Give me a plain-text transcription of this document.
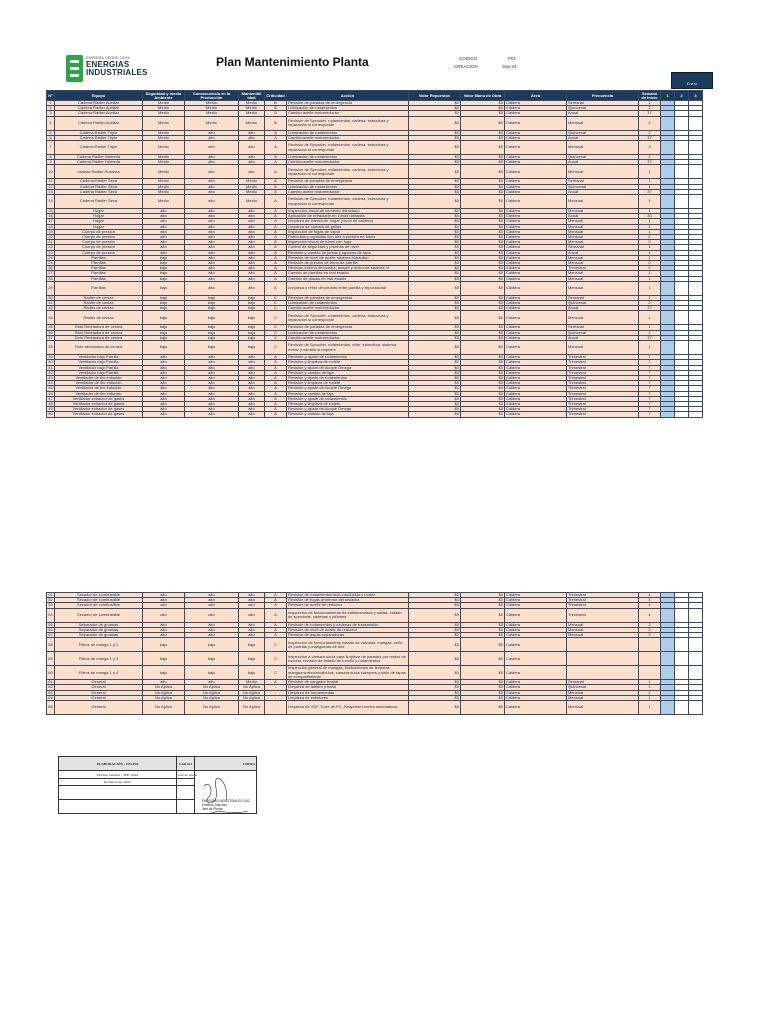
ENERGÍA VERDE 100%
ENERGIAS
INDUSTRIALES
Plan Mantenimiento Planta	CODIGO	P01
CREACION	Sep-24
Enero
N°	Equipo	Seguridad y medio Ambiente	Consecuencia en la Producción	Mantenibil idad	Criticidad	Acción	Valor Repuestos	Valor Mano de Obra	Área	Frecuencia	Semana de Inicio	1	2	3
1	Cadena Radler Auxiliar	Medio	Medio	Medio	B	Revisión de paradas de emergencia	$0	$0	Caldera	Semanal	1			
2	Cadena Radler Auxiliar	Medio	Medio	Medio	B	Lubricación de rodamientos	$0	$0	Caldera	Quincenal	2			
3	Cadena Radler Auxiliar	Medio	Medio	Medio	B	Cambio aceite motorreductor	$0	$0	Caldera	Anual	37			
4	Cadena Radler Auxiliar	Medio	Medio	Medio	B	Revisión de Sprocket, rodamientos, cadena, estructura y reparación si corresponde	$0	$0	Caldera	Mensual	2			
5	Cadena Radler Triple	Medio	alto	alto	A	Lubricación de rodamientos	$0	$0	Caldera	Quincenal	2			
6	Cadena Radler Triple	Medio	alto	alto	A	Cambio aceite motorreductor	$0	$0	Caldera	Anual	37			
7	Cadena Radler Triple	Medio	alto	alto	A	Revisión de Sprocket, rodamientos, cadena, estructura y reparación si corresponde	$0	$0	Caldera	Mensual	3			
8	Cadena Radler Humeda	Medio	alto	alto	A	Lubricación de rodamientos	$0	$0	Caldera	Quincenal	1			
9	Cadena Radler Humeda	Medio	alto	alto	A	Cambio aceite motorreductor	$0	$0	Caldera	Anual	37			
10	cadena Radler Humeda	Medio	alto	alto	A	Revisión de Sprocket, rodamientos, cadena, estructura y reparación si corresponde	$0	$0	Caldera	Mensual	1			
11	Cadena Radler Seca	Medio	alto	Medio	A	Revisión de paradas de emergencia	$0	$0	Caldera	Semanal	1			
12	Cadena Radler Seca	Medio	alto	Medio	A	Lubricación de rodamientos	$0	$0	Caldera	Quincenal	1			
13	Cadena Radler Seca	Medio	alto	Medio	A	Cambio aceite motorreductor	$0	$0	Caldera	Anual	37			
14	Cadena Radler Seca	Medio	alto	Medio	A	Revisión de Sprocket, rodamientos, cadena, estructura y reparación si corresponde	$0	$0	Caldera	Mensual	1			
15	Hogar	alto	alto	alto	A	Inspección visual de cemento refractario	$0	$0	Caldera	Mensual	1			
16	Hogar	alto	alto	alto	A	Aplicación de refractario en zonas dañadas	$0	$0	Caldera	Anual	30			
17	Hogar	alto	alto	alto	A	Limpieza de interior de hogar (vacío de caldera)	$0	$0	Caldera	Mensual	1			
18	Hogar	alto	alto	alto	A	Limpieza de cámara de grillas	$0	$0	Caldera	Mensual	1			
19	Cuerpo de presión	alto	alto	alto	A	Inspección de fugas de vapor	$0	$0	Caldera	Mensual	1			
20	Cuerpo de presión	alto	alto	alto	A	Partículas y sopladas con aire a presión en tubos	$0	$0	Caldera	Mensual	2			
21	Cuerpo de presión	alto	alto	alto	A	Inspección visual de tubos con fuga	$0	$0	Caldera	Mensual	2			
22	Cuerpo de presión	alto	alto	alto	A	Control de seguridad y pruebas de nivel	$0	$0	Caldera	Semanal	1			
23	Cuerpo de presión	alto	alto	alto	A	Revisión y cambio de juntas y tapones de tapa	$0	$0	Caldera	Anual	4			
24	Parrillas	bajo	alto	alto	A	Revisión de nivel de aceite sistema hidráulico	$0	$0	Caldera	Mensual	1			
25	Parrillas	bajo	alto	alto	A	Revisión de presión de freno de parrilla	$0	$0	Caldera	Mensual	2			
26	Parrillas	bajo	alto	alto	A	Revisión interna de bomba, acople y motor de sistema hi	$0	$0	Caldera	Trimestral	1			
27	Parrillas	bajo	alto	alto	A	Cambio de parrillas en mal estado	$0	$0	Caldera	Mensual	1			
28	Parrillas	bajo	alto	alto	A	Cambio de placas en mal estado	$0	$0	Caldera	Mensual	1			
29	Parrillas	bajo	alto	alto	A	Limpieza y retiro de piedras entre parrilla y reposicionar	$0	$0	Caldera	Mensual	1			
30	Radler de ceniza	bajo	bajo	bajo	C	Revisión de paradas de emergencia	$0	$0	Caldera	Semanal	1			
31	Radler de ceniza	bajo	bajo	bajo	C	Lubricación de rodamientos	$0	$0	Caldera	Quincenal	2			
32	Radler de ceniza	bajo	bajo	bajo	C	Cambio aceite motorreductor	$0	$0	Caldera	Anual	37			
34	Radler de ceniza	bajo	bajo	bajo	C	Revisión de Sprocket, rodamientos, cadena, estructura y reparación si corresponde	$0	$0	Caldera	Mensual	1			
35	Dsto Rmetadora de ceniza	bajo	bajo	bajo	C	Revisión de paradas de emergencia	$0	$0	Caldera	Semanal	1			
36	Dsto Rmetadora de ceniza	bajo	bajo	bajo	C	Lubricación de rodamientos	$0	$0	Caldera	Quincenal	1			
37	Dsto Rmetadora de ceniza	bajo	bajo	bajo	C	Cambio aceite motorreductor	$0	$0	Caldera	Anual	37			
38	Dsto abodadora de ceniza	bajo	bajo	bajo	C	Revisión de Sprocket, rodamientos, cilits, estructura, sistema motriz y cambio si requiere	$0	$0	Caldera	Mensual	1			
39	Ventilador bajo Parrilla	alto	alto	alto	A	Revisión y ajuste de rodamientos	$0	$0	Caldera	Trimestral	7			
40	Ventilador bajo Parrilla	alto	alto	alto	A	Revisión y limpieza de rodete	$0	$0	Caldera	Trimestral	7			
41	Ventilador bajo Parrilla	alto	alto	alto	A	Revisión y ajuste de Acople Omega	$0	$0	Caldera	Trimestral	7			
42	Ventilador bajo Parrilla	alto	alto	alto	A	Revisión y cambio de faja	$0	$0	Caldera	Trimestral	7			
43	Ventilador de tiro inducido	alto	alto	alto	A	Revisión y ajuste de rodamientos	$0	$0	Caldera	Trimestral	7			
44	Ventilador de tiro inducido	alto	alto	alto	A	Revisión y limpieza de rodete	$0	$0	Caldera	Trimestral	7			
45	Ventilador de tiro inducido	alto	alto	alto	A	Revisión y ajuste de Acople Omega	$0	$0	Caldera	Trimestral	7			
46	Ventilador de tiro inducido	alto	alto	alto	A	Revisión y cambio de faja	$0	$0	Caldera	Trimestral	7			
47	Ventilador extractor de gases	alto	alto	alto	A	Revisión y ajuste de rodamientos	$0	$0	Caldera	Trimestral	7			
48	Ventilador extractor de gases	alto	alto	alto	A	Revisión y limpieza de rodete	$0	$0	Caldera	Trimestral	7			
49	Ventilador extractor de gases	alto	alto	alto	A	Revisión y ajuste de Acople Omega	$0	$0	Caldera	Trimestral	7			
50	Ventilador extractor de gases	alto	alto	alto	A	Revisión y cambio de faja	$0	$0	Caldera	Trimestral	7			
51	Secador de combustible	alto	alto	alto	A	Revisión de rodamientos lado conducido y motriz	$0	$0	Caldera	Trimestral	4			
52	Secador de combustible	alto	alto	alto	A	Revisión de fugas al interior del secador	$0	$0	Caldera	Trimestral	4			
53	Secador de combustible	alto	alto	alto	A	Revisión de aceite de reductor	$0	$0	Caldera	Trimestral	4			
54	Secador de combustible	alto	alto	alto	A	Inspección de funcionamiento de salida entrada y salida, estado de sprockets, cadenas y piñones.	$0	$0	Caldera	Trimestral	4			
55	Separador de gruesas	alto	alto	alto	A	Revisión de rodamientos y cadenas de transmisión	$0	$0	Caldera	Mensual	3			
56	Separador de gruesas	alto	alto	alto	A	Revisión de nivel de aceite de reductor	$0	$0	Caldera	Mensual	3			
57	Separador de gruesas	alto	alto	alto	A	Revisión de aspas separadoras	$0	$0	Caldera	Mensual	3			
58	Filtros de manga 1 y 2	bajo	bajo	bajo	C	Inspección de funcionamiento estado de válvulas, mangas, sello de puertas y mangueras de aire	$0	$0	Caldera					
59	Filtros de manga 1 y 3	bajo	bajo	bajo	C	Inspección a cámara sucia para limpieza de paredes por restos de escoria, revisión de estado de tornillo y rodamientos	$0	$0	Caldera					
60	Filtros de manga 1 y 4	bajo	bajo	bajo	C	Inspección general de mangas, fluctuaciones de limpieza, manguera electroválvulas, cámara sucia clampers y sello de tapas de compartimiento	$0	$0	Caldera					
61	General	alto	alto	Medio	A	Revisión de cargador frontal	$0	$0	Caldera	Semanal	1			
62	General	No Aplica	No Aplica	No Aplica	-	Limpieza de tablero y baño	$0	$0	Caldera	Quincenal	1			
63	General	No Aplica	No Aplica	No Aplica	-	Limpieza de herramientas	$0	$0	Caldera	Mensual	1			
64	General	No Aplica	No Aplica	No Aplica	-	Limpieza de extintores	$0	$0	Caldera	Mensual	1			
65	General	No Aplica	No Aplica	No Aplica	-	Limpieza de VDF, Torre de PC, Reapriete bornes automaticos.	$0	$0	Caldera	Mensual	1			
ELABORACIÓN - FECHA	CARGO	FIRMA
Esteban Sanchez - SEP- 2024	Jefe de planta	
Revision sep. 2025		

ENERGIAS INDUSTRIALES SAC
Esteban Sanchez
Jefe de Planta
